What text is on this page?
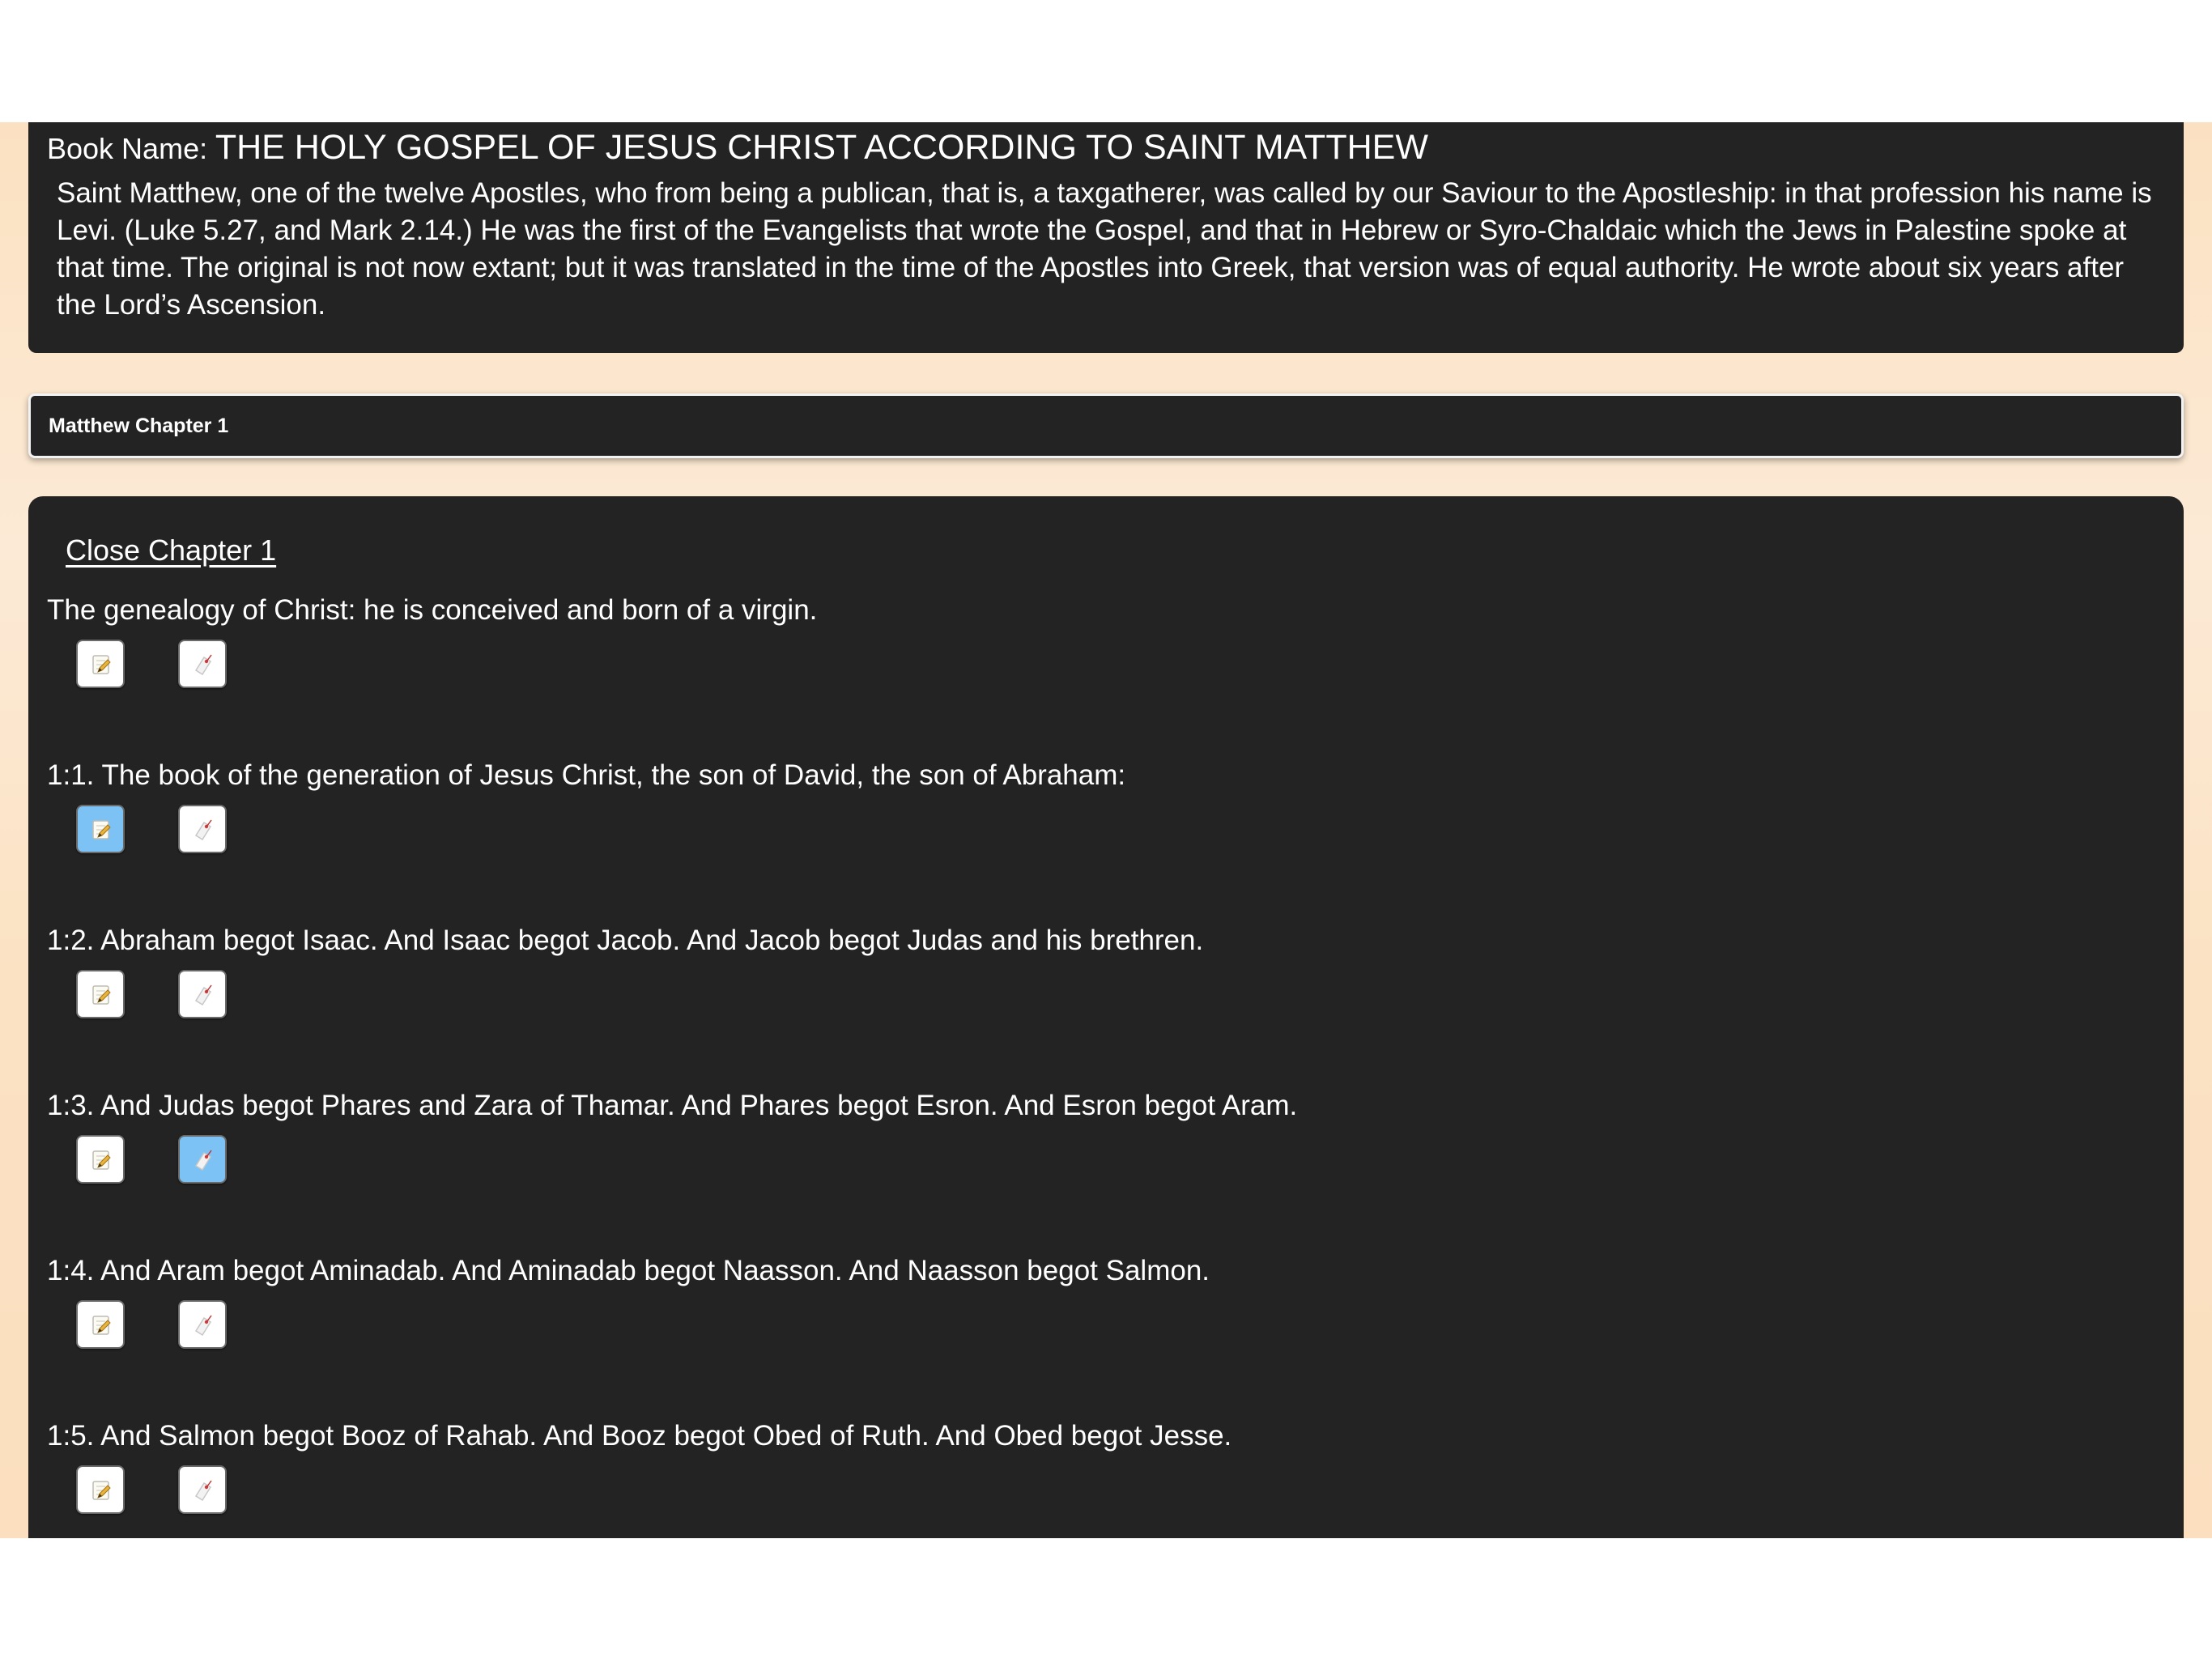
Book Name: THE HOLY GOSPEL OF JESUS CHRIST ACCORDING TO SAINT MATTHEW
Saint Matthew, one of the twelve Apostles, who from being a publican, that is, a taxgatherer, was called by our Saviour to the Apostleship: in that profession his name is Levi. (Luke 5.27, and Mark 2.14.) He was the first of the Evangelists that wrote the Gospel, and that in Hebrew or Syro-Chaldaic which the Jews in Palestine spoke at that time. The original is not now extant; but it was translated in the time of the Apostles into Greek, that version was of equal authority. He wrote about six years after the Lord’s Ascension.
Matthew Chapter 1
Close Chapter 1
The genealogy of Christ: he is conceived and born of a virgin.
1:1. The book of the generation of Jesus Christ, the son of David, the son of Abraham:
1:2. Abraham begot Isaac. And Isaac begot Jacob. And Jacob begot Judas and his brethren.
1:3. And Judas begot Phares and Zara of Thamar. And Phares begot Esron. And Esron begot Aram.
1:4. And Aram begot Aminadab. And Aminadab begot Naasson. And Naasson begot Salmon.
1:5. And Salmon begot Booz of Rahab. And Booz begot Obed of Ruth. And Obed begot Jesse.
